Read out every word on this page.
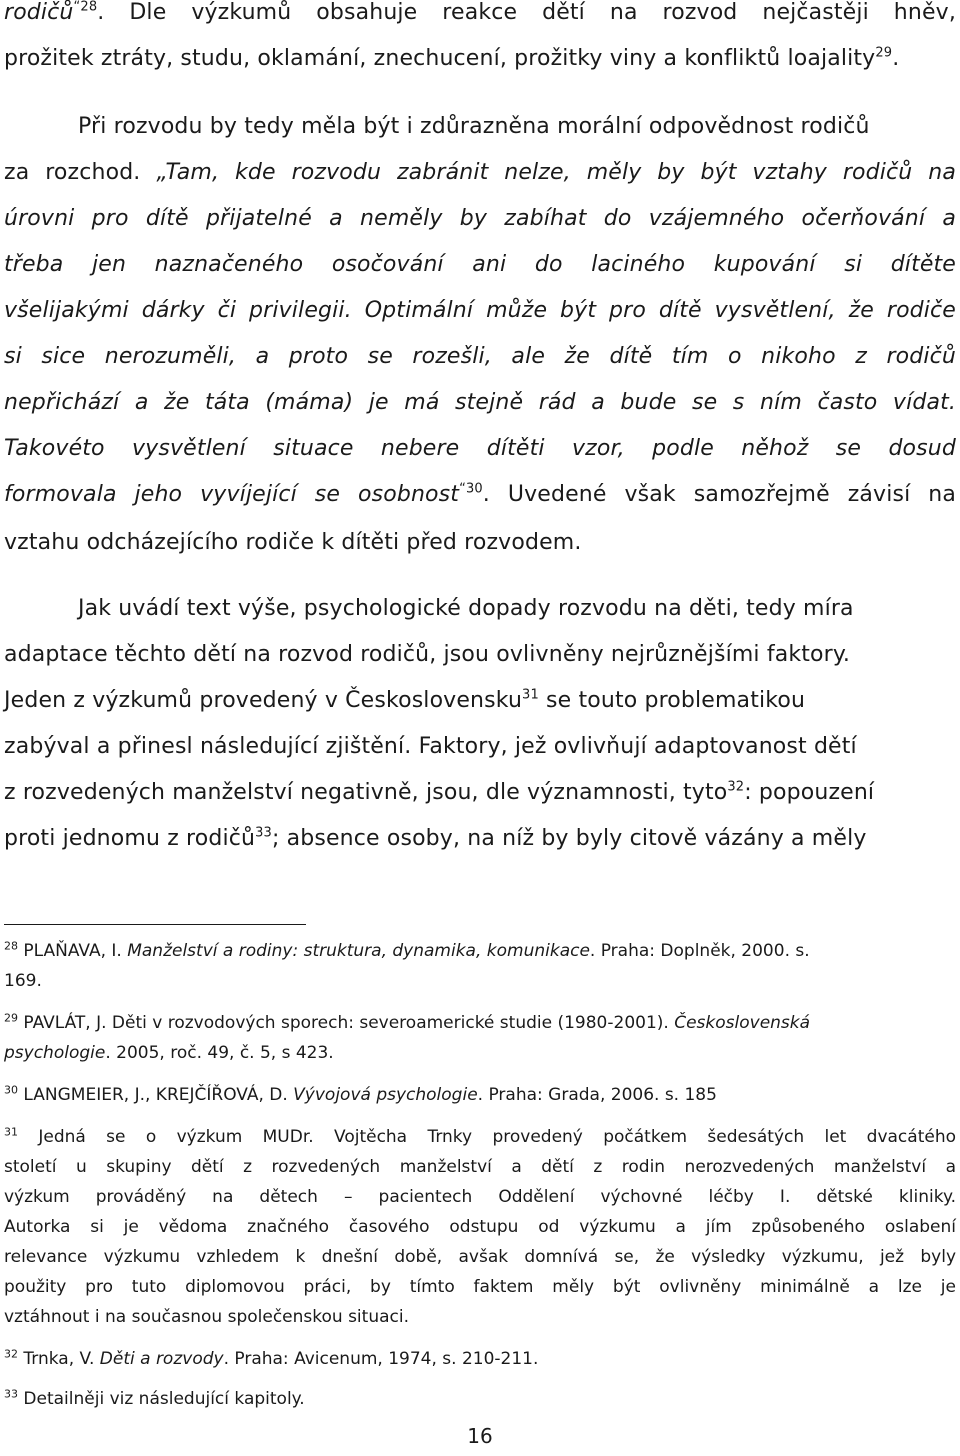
rodičů$^{“28}$. Dle výzkumů obsahuje reakce dětí na rozvod nejčastěji hněv,
prožitek ztráty, studu, oklamání, znechucení, prožitky viny a konfliktů loajality$^{29}$.
Při rozvodu by tedy měla být i zdůrazněna morální odpovědnost rodičů
za rozchod. „Tam, kde rozvodu zabránit nelze, měly by být vztahy rodičů na
úrovni pro dítě přijatelné a neměly by zabíhat do vzájemného očerňování a
třeba jen naznačeného osočování ani do laciného kupování si dítěte
všelijakými dárky či privilegii. Optimální může být pro dítě vysvětlení, že rodiče
si sice nerozuměli, a proto se rozešli, ale že dítě tím o nikoho z rodičů
nepřichází a že táta (máma) je má stejně rád a bude se s ním často vídat.
Takovéto vysvětlení situace nebere dítěti vzor, podle něhož se dosud
formovala jeho vyvíjející se osobnost$^{“30}$. Uvedené však samozřejmě závisí na
vztahu odcházejícího rodiče k dítěti před rozvodem.
Jak uvádí text výše, psychologické dopady rozvodu na děti, tedy míra
adaptace těchto dětí na rozvod rodičů, jsou ovlivněny nejrůznějšími faktory.
Jeden z výzkumů provedený v Československu$^{31}$ se touto problematikou
zabýval a přinesl následující zjištění. Faktory, jež ovlivňují adaptovanost dětí
z rozvedených manželství negativně, jsou, dle významnosti, tyto$^{32}$: popouzení
proti jednomu z rodičů$^{33}$; absence osoby, na níž by byly citově vázány a měly
$^{28}$ PLAŇAVA, I. Manželství a rodiny: struktura, dynamika, komunikace. Praha: Doplněk, 2000. s.
169.
$^{29}$ PAVLÁT, J. Děti v rozvodových sporech: severoamerické studie (1980-2001). Československá
psychologie. 2005, roč. 49, č. 5, s 423.
$^{30}$ LANGMEIER, J., KREJČÍŘOVÁ, D. Vývojová psychologie. Praha: Grada, 2006. s. 185
$^{31}$ Jedná se o výzkum MUDr. Vojtěcha Trnky provedený počátkem šedesátých let dvacátého
století u skupiny dětí z rozvedených manželství a dětí z rodin nerozvedených manželství a
výzkum prováděný na dětech – pacientech Oddělení výchovné léčby I. dětské kliniky.
Autorka si je vědoma značného časového odstupu od výzkumu a jím způsobeného oslabení
relevance výzkumu vzhledem k dnešní době, avšak domnívá se, že výsledky výzkumu, jež byly
použity pro tuto diplomovou práci, by tímto faktem měly být ovlivněny minimálně a lze je
vztáhnout i na současnou společenskou situaci.
$^{32}$ Trnka, V. Děti a rozvody. Praha: Avicenum, 1974, s. 210-211.
$^{33}$ Detailněji viz následující kapitoly.
16
